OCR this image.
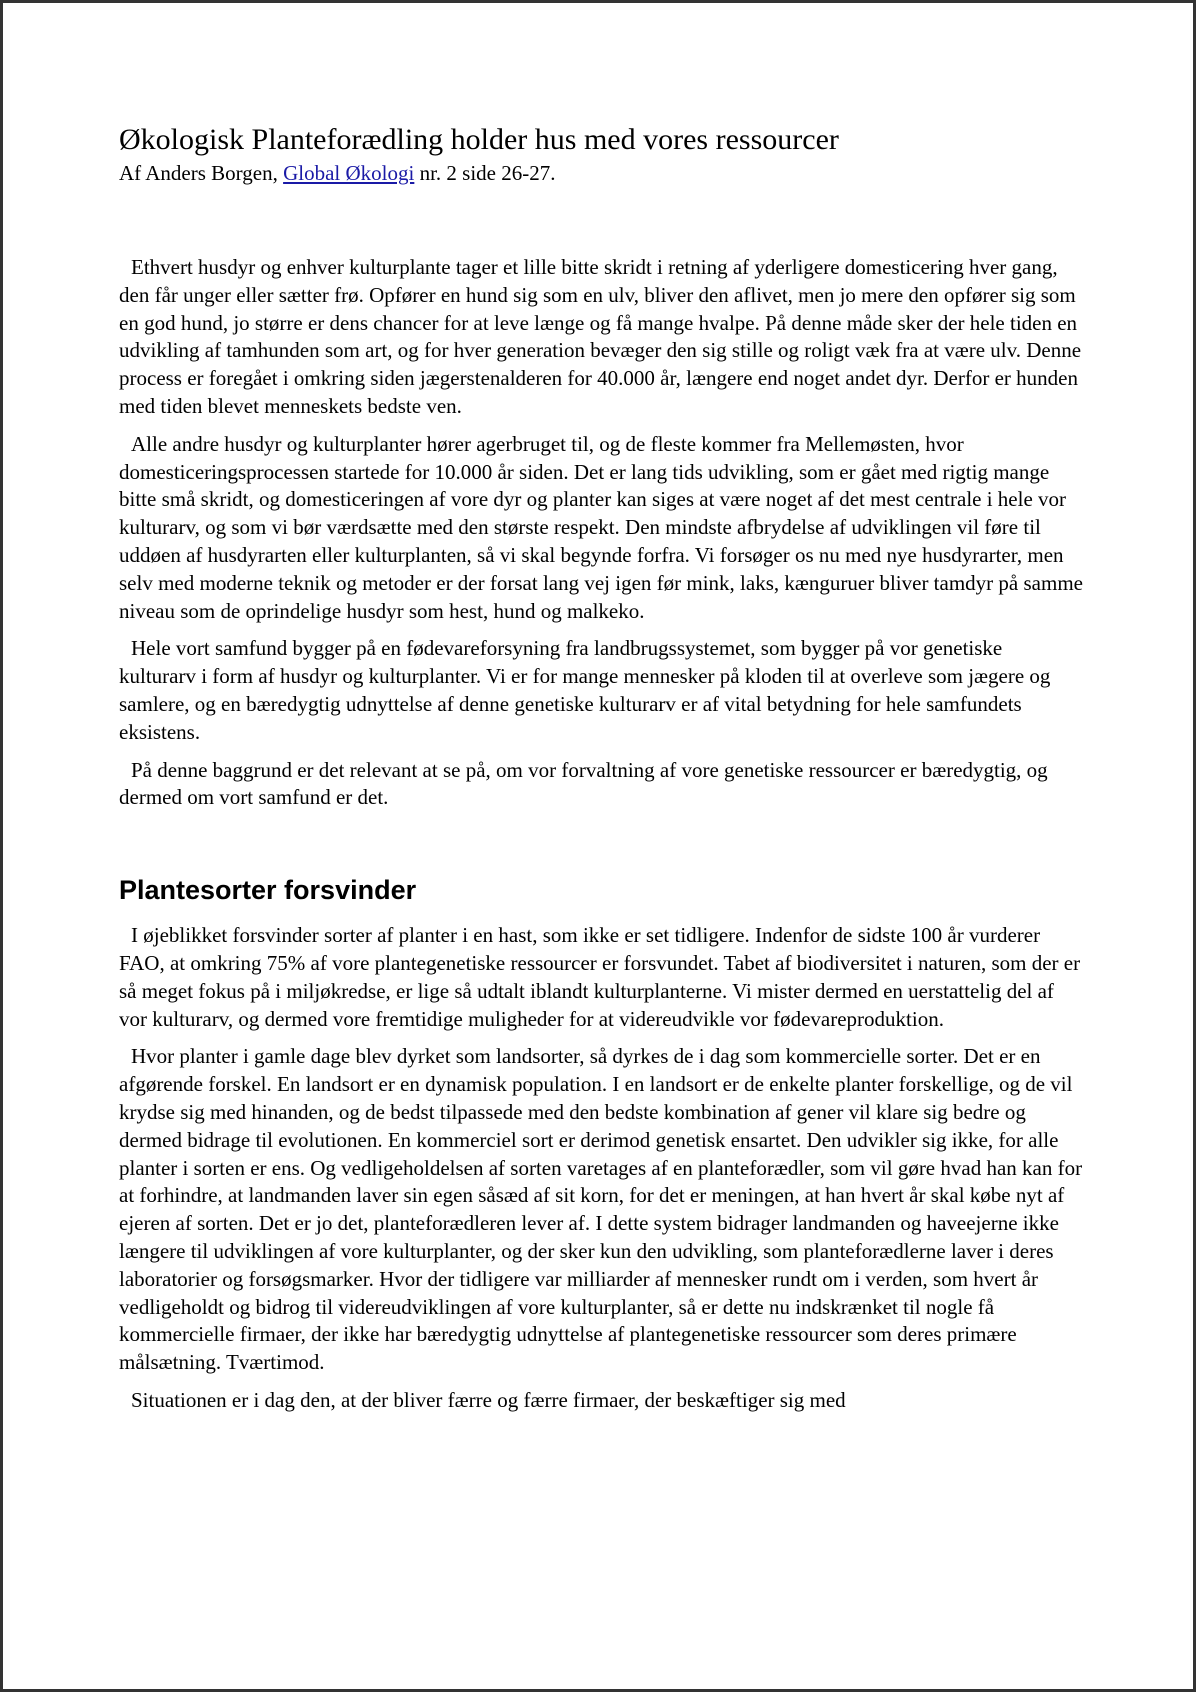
Økologisk Planteforædling holder hus med vores ressourcer

Af Anders Borgen, Global Økologi nr. 2 side 26-27.

Ethvert husdyr og enhver kulturplante tager et lille bitte skridt i retning af yderligere domesticering hver gang, den får unger eller sætter frø. Opfører en hund sig som en ulv, bliver den aflivet, men jo mere den opfører sig som en god hund, jo større er dens chancer for at leve længe og få mange hvalpe. På denne måde sker der hele tiden en udvikling af tamhunden som art, og for hver generation bevæger den sig stille og roligt væk fra at være ulv. Denne process er foregået i omkring siden jægerstenalderen for 40.000 år, længere end noget andet dyr. Derfor er hunden med tiden blevet menneskets bedste ven.

Alle andre husdyr og kulturplanter hører agerbruget til, og de fleste kommer fra Mellemøsten, hvor domesticeringsprocessen startede for 10.000 år siden. Det er lang tids udvikling, som er gået med rigtig mange bitte små skridt, og domesticeringen af vore dyr og planter kan siges at være noget af det mest centrale i hele vor kulturarv, og som vi bør værdsætte med den største respekt. Den mindste afbrydelse af udviklingen vil føre til uddøen af husdyrarten eller kulturplanten, så vi skal begynde forfra. Vi forsøger os nu med nye husdyrarter, men selv med moderne teknik og metoder er der forsat lang vej igen før mink, laks, kænguruer bliver tamdyr på samme niveau som de oprindelige husdyr som hest, hund og malkeko.

Hele vort samfund bygger på en fødevareforsyning fra landbrugssystemet, som bygger på vor genetiske kulturarv i form af husdyr og kulturplanter. Vi er for mange mennesker på kloden til at overleve som jægere og samlere, og en bæredygtig udnyttelse af denne genetiske kulturarv er af vital betydning for hele samfundets eksistens.

På denne baggrund er det relevant at se på, om vor forvaltning af vore genetiske ressourcer er bæredygtig, og dermed om vort samfund er det.

Plantesorter forsvinder

I øjeblikket forsvinder sorter af planter i en hast, som ikke er set tidligere. Indenfor de sidste 100 år vurderer FAO, at omkring 75% af vore plantegenetiske ressourcer er forsvundet. Tabet af biodiversitet i naturen, som der er så meget fokus på i miljøkredse, er lige så udtalt iblandt kulturplanterne. Vi mister dermed en uerstattelig del af vor kulturarv, og dermed vore fremtidige muligheder for at videreudvikle vor fødevareproduktion.

Hvor planter i gamle dage blev dyrket som landsorter, så dyrkes de i dag som kommercielle sorter. Det er en afgørende forskel. En landsort er en dynamisk population. I en landsort er de enkelte planter forskellige, og de vil krydse sig med hinanden, og de bedst tilpassede med den bedste kombination af gener vil klare sig bedre og dermed bidrage til evolutionen. En kommerciel sort er derimod genetisk ensartet. Den udvikler sig ikke, for alle planter i sorten er ens. Og vedligeholdelsen af sorten varetages af en planteforædler, som vil gøre hvad han kan for at forhindre, at landmanden laver sin egen såsæd af sit korn, for det er meningen, at han hvert år skal købe nyt af ejeren af sorten. Det er jo det, planteforædleren lever af. I dette system bidrager landmanden og haveejerne ikke længere til udviklingen af vore kulturplanter, og der sker kun den udvikling, som planteforædlerne laver i deres laboratorier og forsøgsmarker. Hvor der tidligere var milliarder af mennesker rundt om i verden, som hvert år vedligeholdt og bidrog til videreudviklingen af vore kulturplanter, så er dette nu indskrænket til nogle få kommercielle firmaer, der ikke har bæredygtig udnyttelse af plantegenetiske ressourcer som deres primære målsætning. Tværtimod.

Situationen er i dag den, at der bliver færre og færre firmaer, der beskæftiger sig med
